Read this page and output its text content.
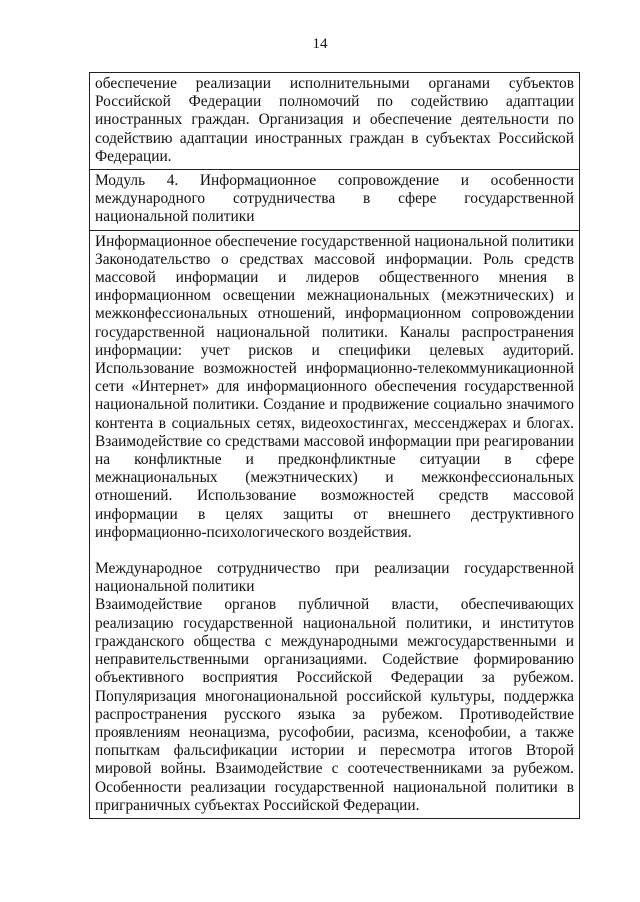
14

обеспечение реализации исполнительными органами субъектов Российской Федерации полномочий по содействию адаптации иностранных граждан. Организация и обеспечение деятельности по содействию адаптации иностранных граждан в субъектах Российской Федерации.

Модуль 4. Информационное сопровождение и особенности международного сотрудничества в сфере государственной национальной политики

Информационное обеспечение государственной национальной политики

Законодательство о средствах массовой информации. Роль средств массовой информации и лидеров общественного мнения в информационном освещении межнациональных (межэтнических) и межконфессиональных отношений, информационном сопровождении государственной национальной политики. Каналы распространения информации: учет рисков и специфики целевых аудиторий. Использование возможностей информационно-телекоммуникационной сети «Интернет» для информационного обеспечения государственной национальной политики. Создание и продвижение социально значимого контента в социальных сетях, видеохостингах, мессенджерах и блогах. Взаимодействие со средствами массовой информации при реагировании на конфликтные и предконфликтные ситуации в сфере межнациональных (межэтнических) и межконфессиональных отношений. Использование возможностей средств массовой информации в целях защиты от внешнего деструктивного информационно-психологического воздействия.

Международное сотрудничество при реализации государственной национальной политики

Взаимодействие органов публичной власти, обеспечивающих реализацию государственной национальной политики, и институтов гражданского общества с международными межгосударственными и неправительственными организациями. Содействие формированию объективного восприятия Российской Федерации за рубежом. Популяризация многонациональной российской культуры, поддержка распространения русского языка за рубежом. Противодействие проявлениям неонацизма, русофобии, расизма, ксенофобии, а также попыткам фальсификации истории и пересмотра итогов Второй мировой войны. Взаимодействие с соотечественниками за рубежом. Особенности реализации государственной национальной политики в приграничных субъектах Российской Федерации.
